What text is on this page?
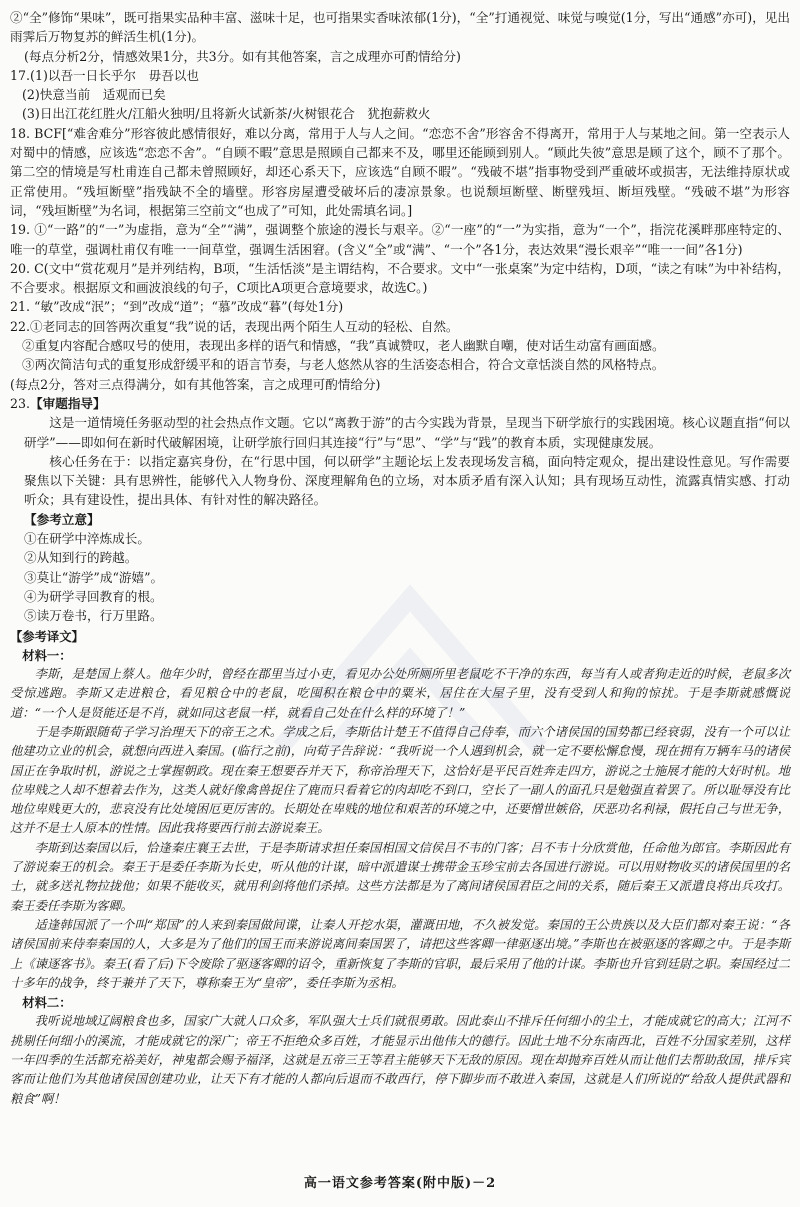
②“全”修饰“果味”，既可指果实品种丰富、滋味十足，也可指果实香味浓郁(1分)，“全”打通视觉、味觉与嗅觉(1分，写出“通感”亦可)，见出雨霁后万物复苏的鲜活生机(1分)。

(每点分析2分，情感效果1分，共3分。如有其他答案，言之成理亦可酌情给分)

17.(1)以吾一日长乎尔　毋吾以也

(2)快意当前　适观而已矣

(3)日出江花红胜火/江船火独明/且将新火试新茶/火树银花合　犹抱薪救火

18. BCF[“难舍难分”形容彼此感情很好，难以分离，常用于人与人之间。“恋恋不舍”形容舍不得离开，常用于人与某地之间。第一空表示人对蜀中的情感，应该选“恋恋不舍”。“自顾不暇”意思是照顾自己都来不及，哪里还能顾到别人。“顾此失彼”意思是顾了这个，顾不了那个。第二空的情境是写杜甫连自己都未曾照顾好，却还心系天下，应该选“自顾不暇”。“残破不堪”指事物受到严重破坏或损害，无法维持原状或正常使用。“残垣断壁”指残缺不全的墙壁。形容房屋遭受破坏后的凄凉景象。也说颓垣断壁、断壁残垣、断垣残壁。“残破不堪”为形容词，“残垣断壁”为名词，根据第三空前文“也成了”可知，此处需填名词。]

19. ①“一路”的“一”为虚指，意为“全”“满”，强调整个旅途的漫长与艰辛。②“一座”的“一”为实指，意为“一个”，指浣花溪畔那座特定的、唯一的草堂，强调杜甫仅有唯一一间草堂，强调生活困窘。(含义“全”或“满”、“一个”各1分，表达效果“漫长艰辛”“唯一一间”各1分)

20. C(文中“赏花观月”是并列结构，B项，“生活恬淡”是主谓结构，不合要求。文中“一张桌案”为定中结构，D项，“读之有味”为中补结构，不合要求。根据原文和画波浪线的句子，C项比A项更合意境要求，故选C。)

21. “敏”改成“泯”；“到”改成“道”；“慕”改成“暮”(每处1分)

22.①老同志的回答两次重复“我”说的话，表现出两个陌生人互动的轻松、自然。

②重复内容配合感叹号的使用，表现出多样的语气和情感，“我”真诚赞叹，老人幽默自嘲，使对话生动富有画面感。

③两次简洁句式的重复形成舒缓平和的语言节奏，与老人悠然从容的生活姿态相合，符合文章恬淡自然的风格特点。

(每点2分，答对三点得满分，如有其他答案，言之成理可酌情给分)

23.【审题指导】

这是一道情境任务驱动型的社会热点作文题。它以“离教于游”的古今实践为背景，呈现当下研学旅行的实践困境。核心议题直指“何以研学”——即如何在新时代破解困境，让研学旅行回归其连接“行”与“思”、“学”与“践”的教育本质，实现健康发展。

核心任务在于：以指定嘉宾身份，在“行思中国，何以研学”主题论坛上发表现场发言稿，面向特定观众，提出建设性意见。写作需要聚焦以下关键：具有思辨性，能够代入人物身份、深度理解角色的立场，对本质矛盾有深入认知；具有现场互动性，流露真情实感、打动听众；具有建设性，提出具体、有针对性的解决路径。

【参考立意】

①在研学中淬炼成长。

②从知到行的跨越。

③莫让“游学”成“游嬉”。

④为研学寻回教育的根。

⑤读万卷书，行万里路。

【参考译文】

材料一：

李斯，是楚国上蔡人。他年少时，曾经在郡里当过小吏，看见办公处所厕所里老鼠吃不干净的东西，每当有人或者狗走近的时候，老鼠多次受惊逃跑。李斯又走进粮仓，看见粮仓中的老鼠，吃囤积在粮仓中的粟米，居住在大屋子里，没有受到人和狗的惊扰。于是李斯就感慨说道：“一个人是贤能还是不肖，就如同这老鼠一样，就看自己处在什么样的环境了！”

于是李斯跟随荀子学习治理天下的帝王之术。学成之后，李斯估计楚王不值得自己侍奉，而六个诸侯国的国势都已经衰弱，没有一个可以让他建功立业的机会，就想向西进入秦国。(临行之前)，向荀子告辞说：“我听说一个人遇到机会，就一定不要松懈怠慢，现在拥有万辆车马的诸侯国正在争取时机，游说之士掌握朝政。现在秦王想要吞并天下，称帝治理天下，这恰好是平民百姓奔走四方，游说之士施展才能的大好时机。地位卑贱之人却不想着去作为，这类人就好像禽兽捉住了鹿而只看着它的肉却吃不到口，空长了一副人的面孔只是勉强直着罢了。所以耻辱没有比地位卑贱更大的，悲哀没有比处境困厄更厉害的。长期处在卑贱的地位和艰苦的环境之中，还要憎世嫉俗，厌恶功名利禄，假托自己与世无争，这并不是士人原本的性情。因此我将要西行前去游说秦王。

李斯到达秦国以后，恰逢秦庄襄王去世，于是李斯请求担任秦国相国文信侯吕不韦的门客；吕不韦十分欣赏他，任命他为郎官。李斯因此有了游说秦王的机会。秦王于是委任李斯为长史，听从他的计谋，暗中派遣谋士携带金玉珍宝前去各国进行游说。可以用财物收买的诸侯国里的名士，就多送礼物拉拢他；如果不能收买，就用利剑将他们杀掉。这些方法都是为了离间诸侯国君臣之间的关系，随后秦王又派遣良将出兵攻打。秦王委任李斯为客卿。

适逢韩国派了一个叫“郑国”的人来到秦国做间谍，让秦人开挖水渠，灌溉田地，不久被发觉。秦国的王公贵族以及大臣们都对秦王说：“各诸侯国前来侍奉秦国的人，大多是为了他们的国王而来游说离间秦国罢了，请把这些客卿一律驱逐出境。”李斯也在被驱逐的客卿之中。于是李斯上《谏逐客书》。秦王(看了后)下令废除了驱逐客卿的诏令，重新恢复了李斯的官职，最后采用了他的计谋。李斯也升官到廷尉之职。秦国经过二十多年的战争，终于兼并了天下，尊称秦王为“皇帝”，委任李斯为丞相。

材料二：

我听说地域辽阔粮食也多，国家广大就人口众多，军队强大士兵们就很勇敢。因此泰山不排斥任何细小的尘土，才能成就它的高大；江河不挑剔任何细小的溪流，才能成就它的深广；帝王不拒绝众多百姓，才能显示出他伟大的德行。因此土地不分东南西北，百姓不分国家差别，这样一年四季的生活都充裕美好，神鬼都会赐予福泽，这就是五帝三王等君主能够天下无敌的原因。现在却抛弃百姓从而让他们去帮助敌国，排斥宾客而让他们为其他诸侯国创建功业，让天下有才能的人都向后退而不敢西行，停下脚步而不敢进入秦国，这就是人们所说的“给敌人提供武器和粮食”啊！

高一语文参考答案(附中版)－2
